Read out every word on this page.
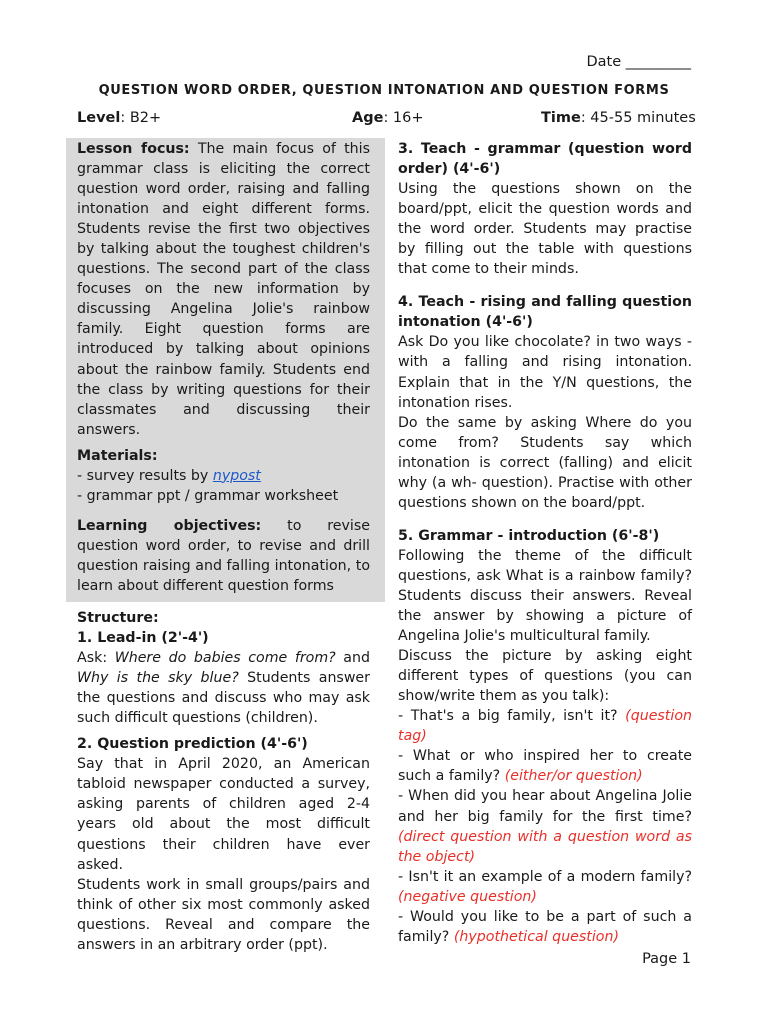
Date _________
QUESTION WORD ORDER, QUESTION INTONATION AND QUESTION FORMS
Level: B2+	Age: 16+	Time: 45-55 minutes

Lesson focus: The main focus of this grammar class is eliciting the correct question word order, raising and falling intonation and eight different forms. Students revise the first two objectives by talking about the toughest children's questions. The second part of the class focuses on the new information by discussing Angelina Jolie's rainbow family. Eight question forms are introduced by talking about opinions about the rainbow family. Students end the class by writing questions for their classmates and discussing their answers.

Materials:

- survey results by nypost

- grammar ppt / grammar worksheet

Learning objectives: to revise question word order, to revise and drill question raising and falling intonation, to learn about different question forms

Structure:

1. Lead-in (2'-4')

Ask: Where do babies come from? and Why is the sky blue? Students answer the questions and discuss who may ask such difficult questions (children).

2. Question prediction (4'-6')

Say that in April 2020, an American tabloid newspaper conducted a survey, asking parents of children aged 2-4 years old about the most difficult questions their children have ever asked.

Students work in small groups/pairs and think of other six most commonly asked questions. Reveal and compare the answers in an arbitrary order (ppt).

3. Teach - grammar (question word order) (4'-6')

Using the questions shown on the board/ppt, elicit the question words and the word order. Students may practise by filling out the table with questions that come to their minds.

4. Teach - rising and falling question intonation (4'-6')

Ask Do you like chocolate? in two ways - with a falling and rising intonation. Explain that in the Y/N questions, the intonation rises.

Do the same by asking Where do you come from? Students say which intonation is correct (falling) and elicit why (a wh- question). Practise with other questions shown on the board/ppt.

5. Grammar - introduction (6'-8')

Following the theme of the difficult questions, ask What is a rainbow family? Students discuss their answers. Reveal the answer by showing a picture of Angelina Jolie's multicultural family.

Discuss the picture by asking eight different types of questions (you can show/write them as you talk):

- That's a big family, isn't it? (question tag)

- What or who inspired her to create such a family? (either/or question)

- When did you hear about Angelina Jolie and her big family for the first time? (direct question with a question word as the object)

- Isn't it an example of a modern family? (negative question)

- Would you like to be a part of such a family? (hypothetical question)

Page 1
